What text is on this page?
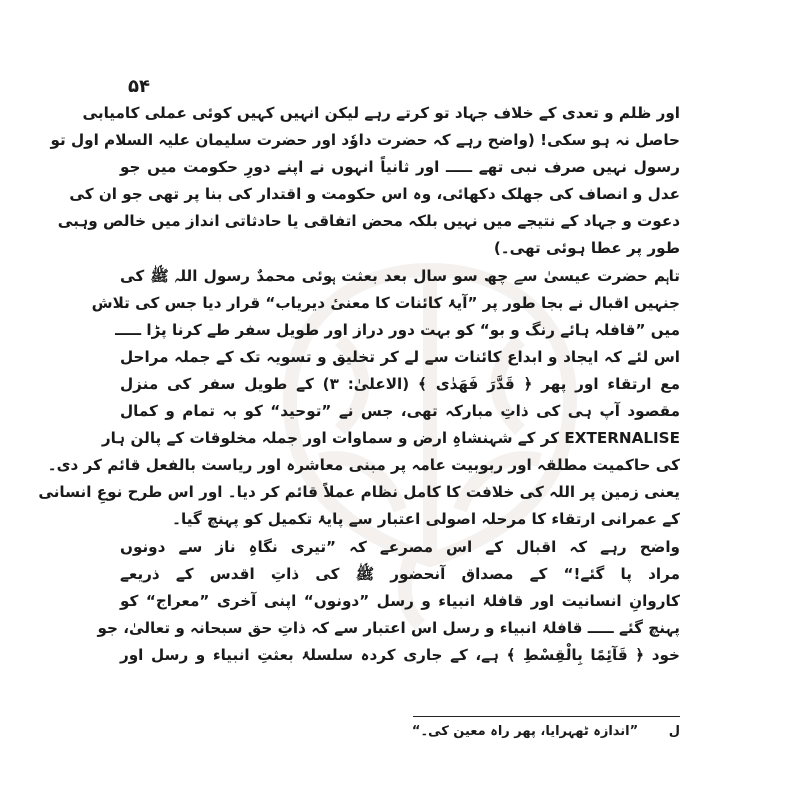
۵۴
اور ظلم و تعدی کے خلاف جہاد تو کرتے رہے لیکن انہیں کہیں کوئی عملی کامیابی
حاصل نہ ہو سکی! (واضح رہے کہ حضرت داوٗد اور حضرت سلیمان علیہ السلام اول تو
رسول نہیں صرف نبی تھے ـــــ اور ثانیاً انہوں نے اپنے دورِ حکومت میں جو
عدل و انصاف کی جھلک دکھائی، وہ اس حکومت و اقتدار کی بنا پر تھی جو ان کی
دعوت و جہاد کے نتیجے میں نہیں بلکہ محض اتفاقی یا حادثاتی انداز میں خالص وہبی
طور پر عطا ہوئی تھی۔)
تاہم حضرت عیسیٰ سے چھ سو سال بعد بعثت ہوئی محمدٌ رسول اللہ ﷺ کی
جنہیں اقبال نے بجا طور پر ”آیۂ کائنات کا معنیٔ دیریاب“ قرار دیا جس کی تلاش
میں ”قافلہ ہائے رنگ و بو“ کو بہت دور دراز اور طویل سفر طے کرنا پڑا ـــــ
اس لئے کہ ایجاد و ابداع کائنات سے لے کر تخلیق و تسویہ تک کے جملہ مراحل
مع ارتقاء اور پھر ﴿ قَدَّرَ فَهَدٰى ﴾ (الاعلیٰ: ۳) کے طویل سفر کی منزل
مقصود آپ ہی کی ذاتِ مبارکہ تھی، جس نے ”توحید“ کو بہ تمام و کمال
EXTERNALISE کر کے شہنشاہِ ارض و سماوات اور جملہ مخلوقات کے پالن ہار
کی حاکمیت مطلقہ اور ربوبیت عامہ پر مبنی معاشرہ اور ریاست بالفعل قائم کر دی۔
یعنی زمین پر اللہ کی خلافت کا کامل نظام عملاً قائم کر دیا۔ اور اس طرح نوعِ انسانی
کے عمرانی ارتقاء کا مرحلہ اصولی اعتبار سے پایۂ تکمیل کو پہنچ گیا۔
واضح رہے کہ اقبال کے اس مصرعے کہ ”تیری نگاہِ ناز سے دونوں
مراد پا گئے!“ کے مصداق آنحضور ﷺ کی ذاتِ اقدس کے ذریعے
کاروانِ انسانیت اور قافلۂ انبیاء و رسل ”دونوں“ اپنی آخری ”معراج“ کو
پہنچ گئے ـــــ قافلۂ انبیاء و رسل اس اعتبار سے کہ ذاتِ حق سبحانہ و تعالیٰ، جو
خود ﴿ قَآئِمًا بِالْقِسْطِ ﴾ ہے، کے جاری کردہ سلسلۂ بعثتِ انبیاء و رسل اور
ل ”اندازہ ٹھہرایا، پھر راہ معین کی۔“
